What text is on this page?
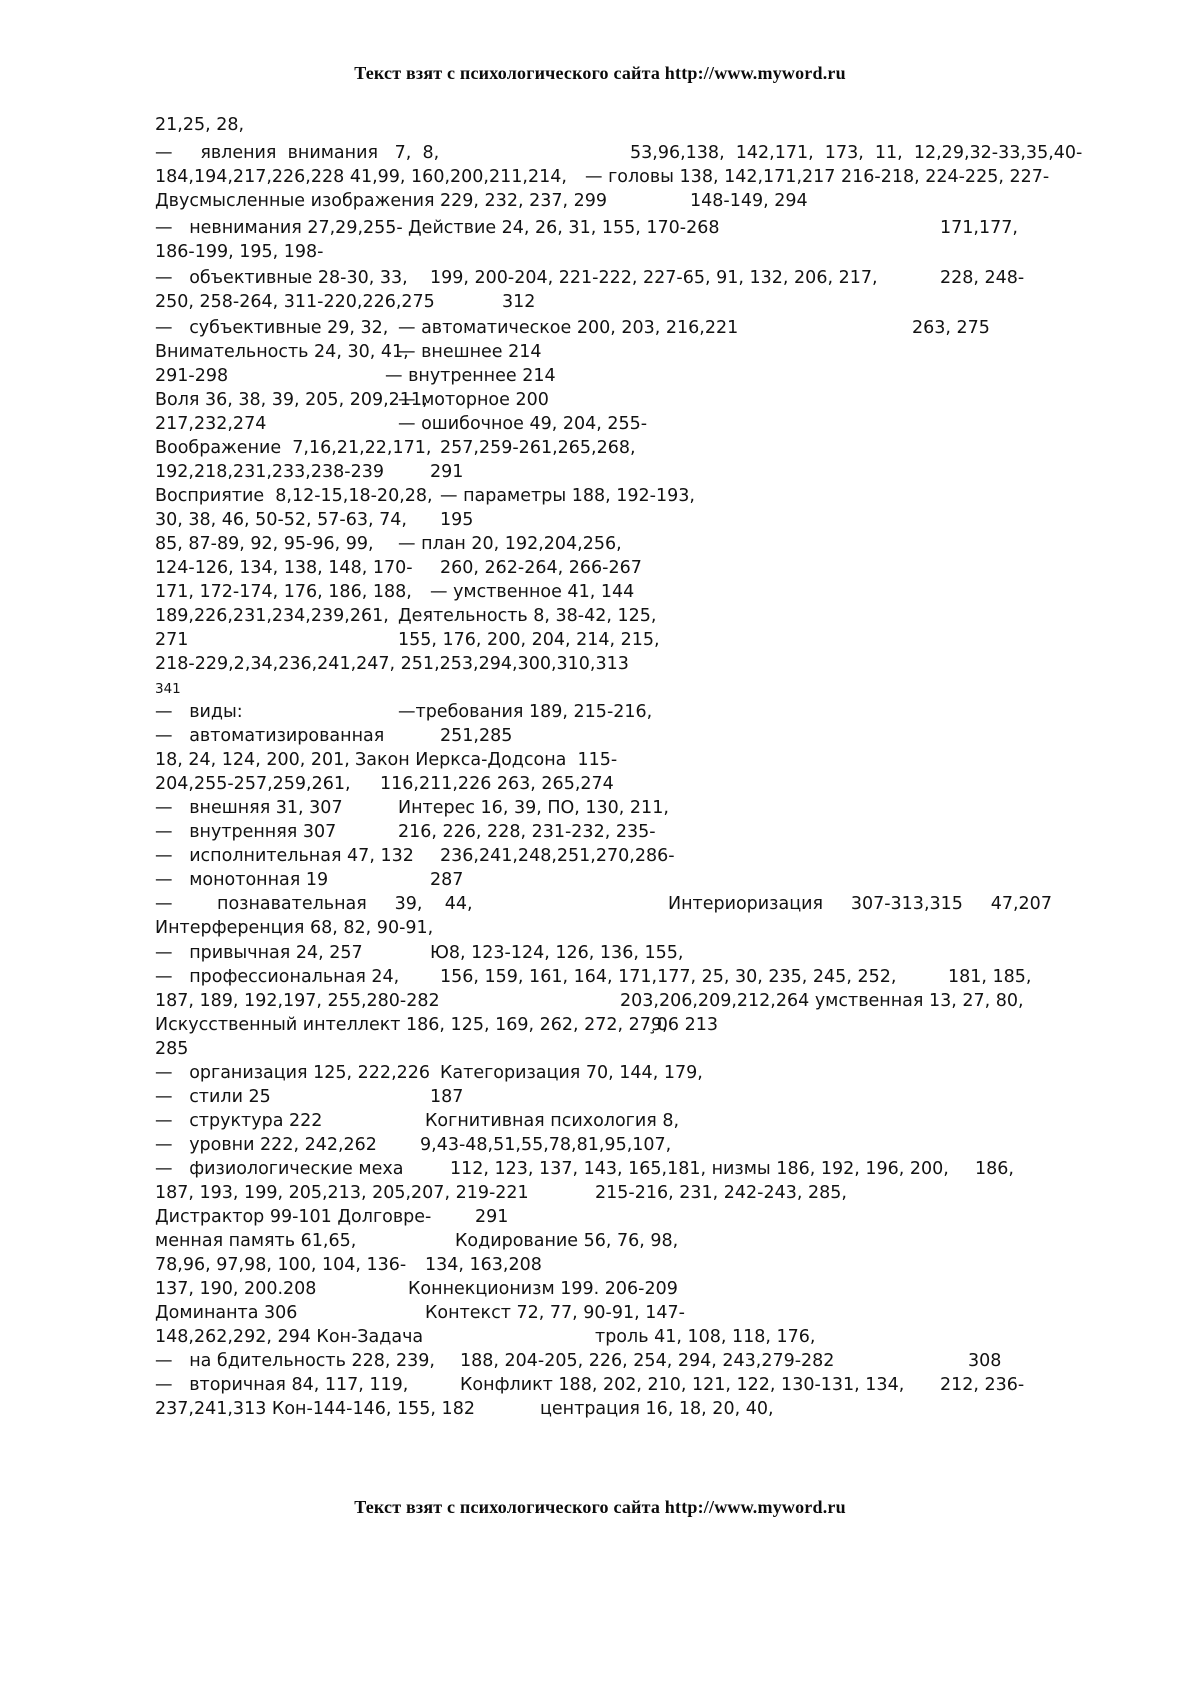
Текст взят с психологического сайта http://www.myword.ru
21,25, 28,
—     явления  внимания   7,  8,
184,194,217,226,228 41,99, 160,200,211,214,
Двусмысленные изображения 229, 232, 237, 299
—   невнимания 27,29,255-
186-199, 195, 198-
—   объективные 28-30, 33,
250, 258-264, 311-220,226,275
—   субъективные 29, 32,
Внимательность 24, 30, 41,
291-298
Воля 36, 38, 39, 205, 209,211,
217,232,274
Воображение  7,16,21,22,171,
192,218,231,233,238-239
Восприятие  8,12-15,18-20,28,
30, 38, 46, 50-52, 57-63, 74,
85, 87-89, 92, 95-96, 99,
124-126, 134, 138, 148, 170-
171, 172-174, 176, 186, 188,
189,226,231,234,239,261,
271
218-229,2,34,236,241,247, 251,253,294,300,310,313
341
—   виды:
—   автоматизированная
18, 24, 124, 200, 201,
204,255-257,259,261,
—   внешняя 31, 307
—   внутренняя 307
—   исполнительная 47, 132
—   монотонная 19
—        познавательная     39,    44,
Интерференция 68, 82, 90-91,
—   привычная 24, 257
—   профессиональная 24,
187, 189, 192,197, 255,280-282
Искусственный интеллект 186, 125, 169, 262, 272, 279,
285
—   организация 125, 222,226
—   стили 25
—   структура 222
—   уровни 222, 242,262
—   физиологические меха
187, 193, 199, 205,213, 205,207, 219-221
Дистрактор 99-101 Долговре-
менная память 61,65,
78,96, 97,98, 100, 104, 136-
137, 190, 200.208
Доминанта 306
148,262,292, 294 Кон-Задача
—   на бдительность 228, 239,
—   вторичная 84, 117, 119,
237,241,313 Кон-144-146, 155, 182
Действие 24, 26, 31, 155, 170-268
199, 200-204, 221-222, 227-65, 91, 132, 206, 217,
312
— автоматическое 200, 203, 216,221
— внешнее 214
— внутреннее 214
— моторное 200
— ошибочное 49, 204, 255-
257,259-261,265,268,
291
— параметры 188, 192-193,
195
— план 20, 192,204,256,
260, 262-264, 266-267
— умственное 41, 144
Деятельность 8, 38-42, 125,
155, 176, 200, 204, 214, 215,
—требования 189, 215-216,
251,285
Закон Иеркса-Додсона  115-
116,211,226 263, 265,274
Интерес 16, 39, ПО, 130, 211,
216, 226, 228, 231-232, 235-
236,241,248,251,270,286-
287
Ю8, 123-124, 126, 136, 155,
156, 159, 161, 164, 171,177, 25, 30, 235, 245, 252,
203,206,209,212,264 умственная 13, 27, 80,
¸06 213
Категоризация 70, 144, 179,
187
Когнитивная психология 8,
9,43-48,51,55,78,81,95,107,
112, 123, 137, 143, 165,181, низмы 186, 192, 196, 200,
215-216, 231, 242-243, 285,
291
Кодирование 56, 76, 98,
134, 163,208
Коннекционизм 199. 206-209
Контекст 72, 77, 90-91, 147-
троль 41, 108, 118, 176,
188, 204-205, 226, 254, 294, 243,279-282
Конфликт 188, 202, 210, 121, 122, 130-131, 134,
центрация 16, 18, 20, 40,
53,96,138,  142,171,  173,  11,  12,29,32-33,35,40-
— головы 138, 142,171,217 216-218, 224-225, 227-
148-149, 294
171,177,
228, 248-
263, 275
Интериоризация     307-313,315     47,207
181, 185,
186,
308
212, 236-
Текст взят с психологического сайта http://www.myword.ru
